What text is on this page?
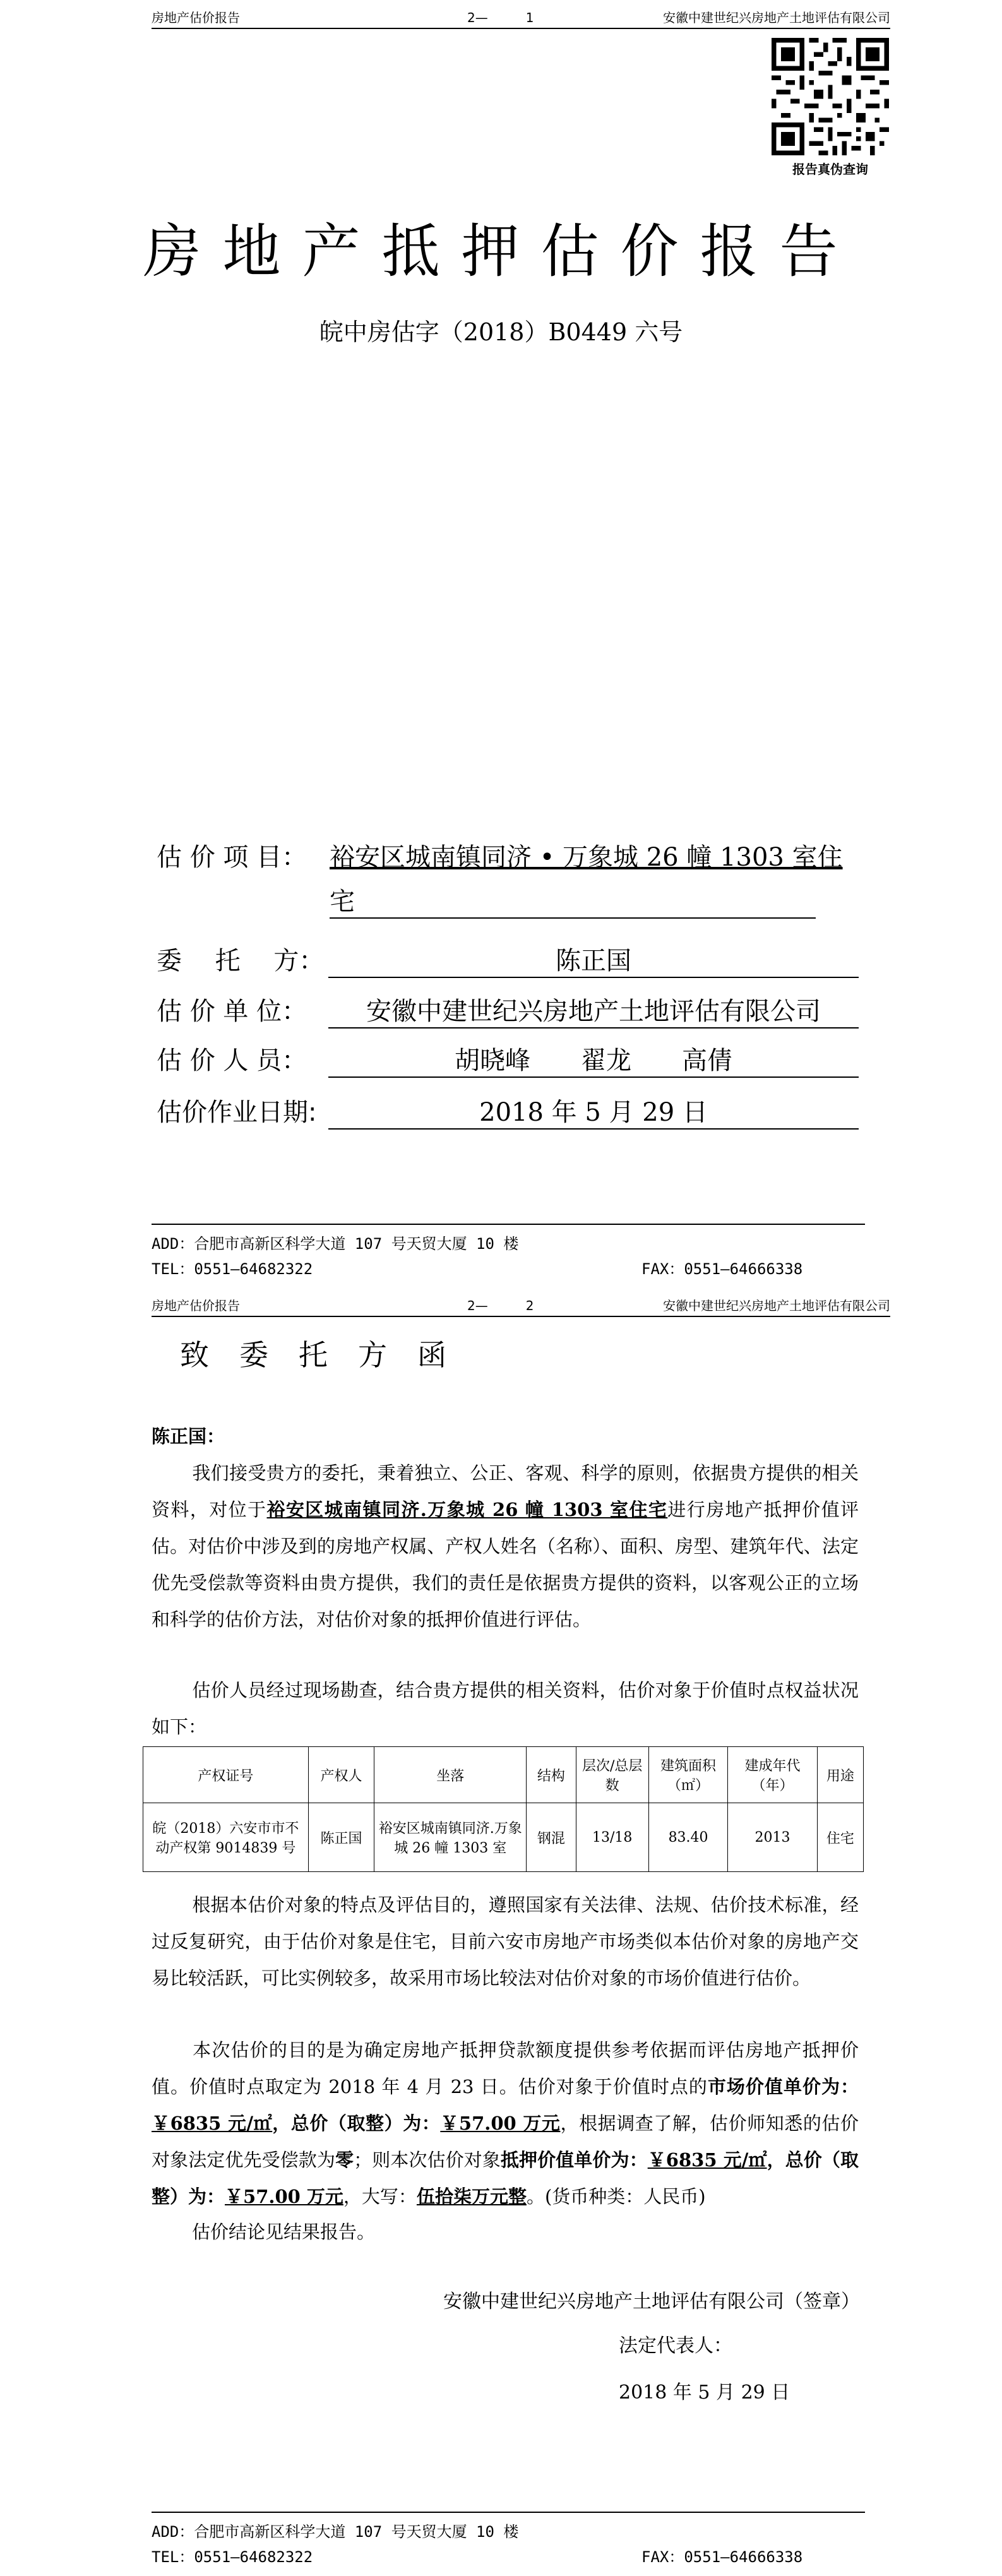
房地产估价报告	2—　　　1	安徽中建世纪兴房地产土地评估有限公司
报告真伪查询
房地产抵押估价报告
皖中房估字（2018）B0449 六号
估 价 项 目： 裕安区城南镇同济 • 万象城 26 幢 1303 室住
宅
委　 托　 方：	陈正国
估 价 单 位：	安徽中建世纪兴房地产土地评估有限公司
估 价 人 员：	胡晓峰　　翟龙　　高倩
估价作业日期:	2018 年 5 月 29 日
ADD：合肥市高新区科学大道 107 号天贸大厦 10 楼
TEL：0551—64682322	FAX：0551—64666338
房地产估价报告	2—　　　2	安徽中建世纪兴房地产土地评估有限公司
致委托方函
陈正国：
我们接受贵方的委托，秉着独立、公正、客观、科学的原则，依据贵方提供的相关资料，对位于裕安区城南镇同济.万象城 26 幢 1303 室住宅进行房地产抵押价值评估。对估价中涉及到的房地产权属、产权人姓名（名称）、面积、房型、建筑年代、法定优先受偿款等资料由贵方提供，我们的责任是依据贵方提供的资料，以客观公正的立场和科学的估价方法，对估价对象的抵押价值进行评估。
估价人员经过现场勘查，结合贵方提供的相关资料，估价对象于价值时点权益状况如下：
产权证号	产权人	坐落	结构	层次/总层数	建筑面积（㎡）	建成年代（年）	用途
皖（2018）六安市市不动产权第 9014839 号	陈正国	裕安区城南镇同济.万象城 26 幢 1303 室	钢混	13/18	83.40	2013	住宅
根据本估价对象的特点及评估目的，遵照国家有关法律、法规、估价技术标准，经过反复研究，由于估价对象是住宅，目前六安市房地产市场类似本估价对象的房地产交易比较活跃，可比实例较多，故采用市场比较法对估价对象的市场价值进行估价。
本次估价的目的是为确定房地产抵押贷款额度提供参考依据而评估房地产抵押价值。价值时点取定为 2018 年 4 月 23 日。估价对象于价值时点的市场价值单价为：￥6835 元/㎡，总价（取整）为：￥57.00 万元，根据调查了解，估价师知悉的估价对象法定优先受偿款为零；则本次估价对象抵押价值单价为：￥6835 元/㎡，总价（取整）为：￥57.00 万元，大写：伍拾柒万元整。(货币种类：人民币)
估价结论见结果报告。
安徽中建世纪兴房地产土地评估有限公司（签章）
法定代表人：
2018 年 5 月 29 日
ADD：合肥市高新区科学大道 107 号天贸大厦 10 楼
TEL：0551—64682322	FAX：0551—64666338
